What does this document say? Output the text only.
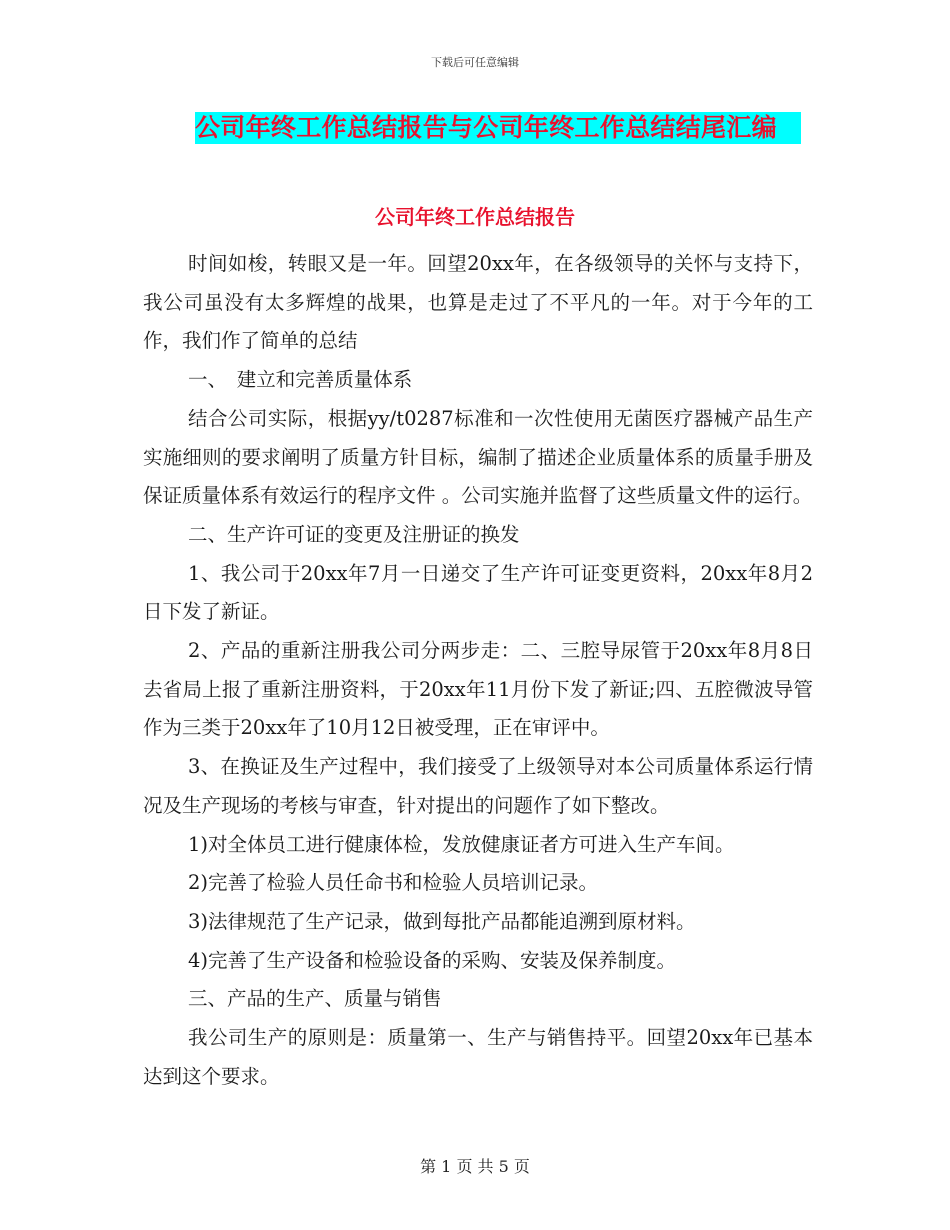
下载后可任意编辑
公司年终工作总结报告与公司年终工作总结结尾汇编
公司年终工作总结报告

时间如梭，转眼又是一年。回望20xx年，在各级领导的关怀与支持下，我公司虽没有太多辉煌的战果，也算是走过了不平凡的一年。对于今年的工作，我们作了简单的总结

一、　建立和完善质量体系

结合公司实际，根据yy/t0287标准和一次性使用无菌医疗器械产品生产实施细则的要求阐明了质量方针目标，编制了描述企业质量体系的质量手册及保证质量体系有效运行的程序文件 。公司实施并监督了这些质量文件的运行。

二、生产许可证的变更及注册证的换发

1、我公司于20xx年7月一日递交了生产许可证变更资料，20xx年8月2日下发了新证。

2、产品的重新注册我公司分两步走：二、三腔导尿管于20xx年8月8日去省局上报了重新注册资料，于20xx年11月份下发了新证;四、五腔微波导管作为三类于20xx年了10月12日被受理，正在审评中。

3、在换证及生产过程中，我们接受了上级领导对本公司质量体系运行情况及生产现场的考核与审查，针对提出的问题作了如下整改。

1)对全体员工进行健康体检，发放健康证者方可进入生产车间。

2)完善了检验人员任命书和检验人员培训记录。

3)法律规范了生产记录，做到每批产品都能追溯到原材料。

4)完善了生产设备和检验设备的采购、安装及保养制度。

三、产品的生产、质量与销售

我公司生产的原则是：质量第一、生产与销售持平。回望20xx年已基本达到这个要求。

第 1 页 共 5 页
